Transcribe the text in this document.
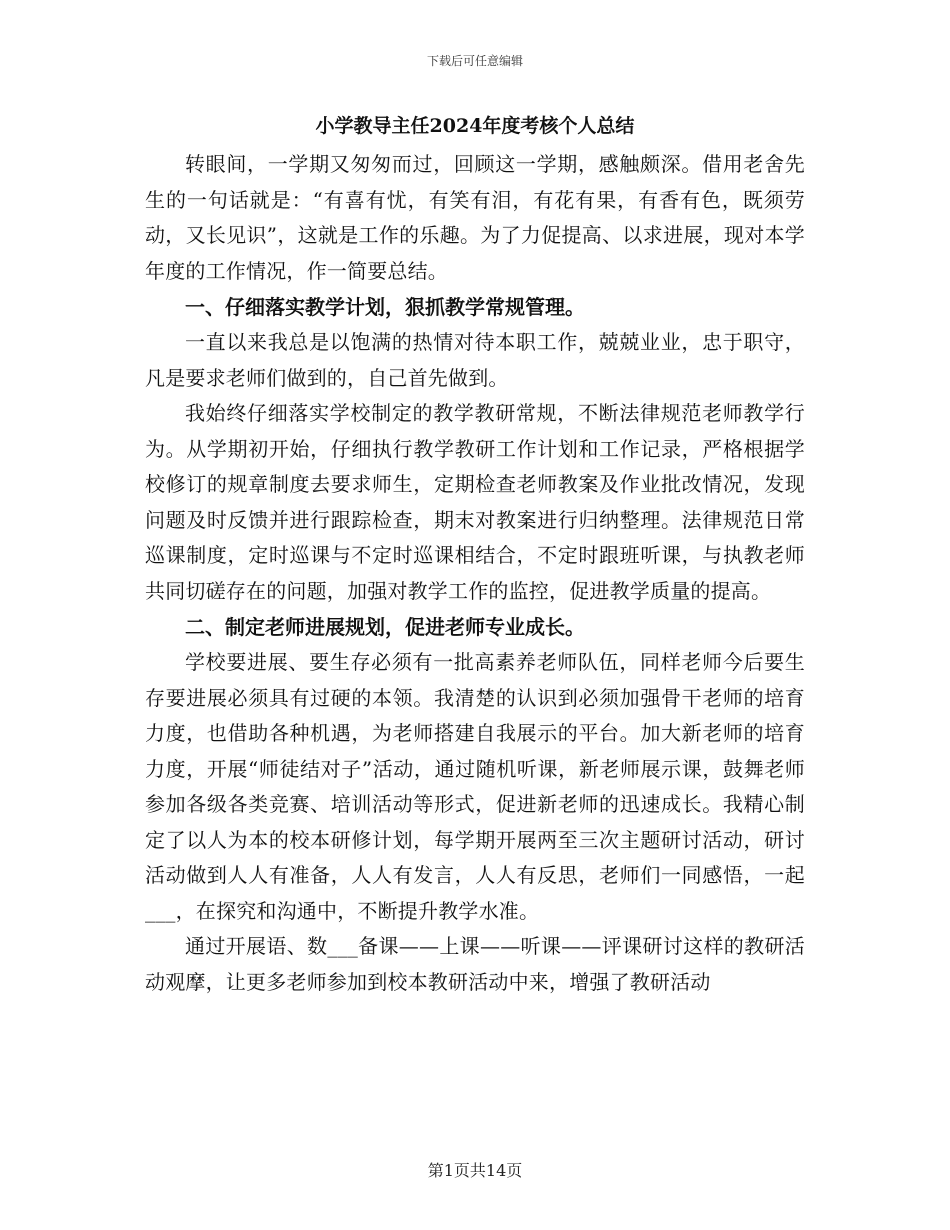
下载后可任意编辑
小学教导主任2024年度考核个人总结

转眼间，一学期又匆匆而过，回顾这一学期，感触颇深。借用老舍先生的一句话就是：“有喜有忧，有笑有泪，有花有果，有香有色，既须劳动，又长见识”，这就是工作的乐趣。为了力促提高、以求进展，现对本学年度的工作情况，作一简要总结。

一、仔细落实教学计划，狠抓教学常规管理。

一直以来我总是以饱满的热情对待本职工作，兢兢业业，忠于职守，凡是要求老师们做到的，自己首先做到。

我始终仔细落实学校制定的教学教研常规，不断法律规范老师教学行为。从学期初开始，仔细执行教学教研工作计划和工作记录，严格根据学校修订的规章制度去要求师生，定期检查老师教案及作业批改情况，发现问题及时反馈并进行跟踪检查，期末对教案进行归纳整理。法律规范日常巡课制度，定时巡课与不定时巡课相结合，不定时跟班听课，与执教老师共同切磋存在的问题，加强对教学工作的监控，促进教学质量的提高。

二、制定老师进展规划，促进老师专业成长。

学校要进展、要生存必须有一批高素养老师队伍，同样老师今后要生存要进展必须具有过硬的本领。我清楚的认识到必须加强骨干老师的培育力度，也借助各种机遇，为老师搭建自我展示的平台。加大新老师的培育力度，开展“师徒结对子”活动，通过随机听课，新老师展示课，鼓舞老师参加各级各类竞赛、培训活动等形式，促进新老师的迅速成长。我精心制定了以人为本的校本研修计划，每学期开展两至三次主题研讨活动，研讨活动做到人人有准备，人人有发言，人人有反思，老师们一同感悟，一起___，在探究和沟通中，不断提升教学水准。

通过开展语、数___备课——上课——听课——评课研讨这样的教研活动观摩，让更多老师参加到校本教研活动中来，增强了教研活动

第1页共14页
